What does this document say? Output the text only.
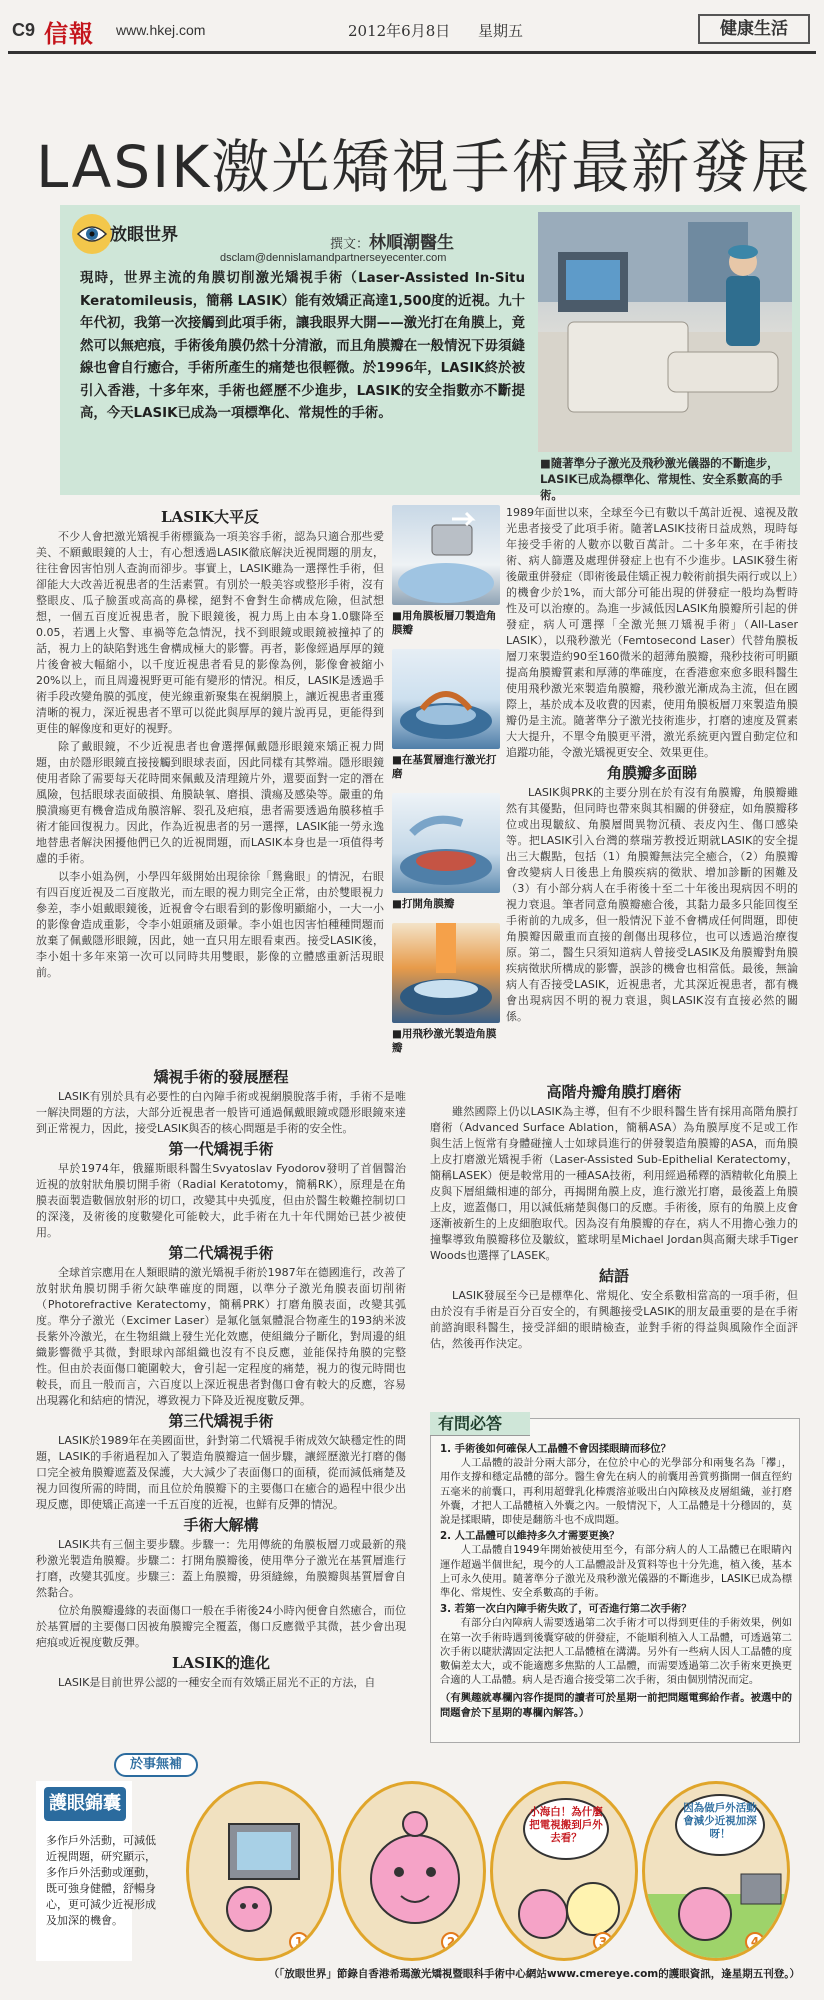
C9 信報 www.hkej.com	2012年6月8日 星期五	健康生活
LASIK激光矯視手術最新發展
放眼世界	撰文：林順潮醫生
dsclam@dennislamandpartnerseyecenter.com
現時，世界主流的角膜切削激光矯視手術（Laser-Assisted In-Situ Keratomileusis，簡稱 LASIK）能有效矯正高達1,500度的近視。九十年代初，我第一次接觸到此項手術，讓我眼界大開——激光打在角膜上，竟然可以無疤痕，手術後角膜仍然十分清澈，而且角膜瓣在一般情況下毋須縫線也會自行癒合，手術所產生的痛楚也很輕微。於1996年，LASIK終於被引入香港，十多年來，手術也經歷不少進步，LASIK的安全指數亦不斷提高，今天LASIK已成為一項標準化、常規性的手術。
■隨著準分子激光及飛秒激光儀器的不斷進步，LASIK已成為標準化、常規性、安全系數高的手術。
LASIK大平反

不少人會把激光矯視手術標籤為一項美容手術，認為只適合那些愛美、不願戴眼鏡的人士，有心想透過LASIK徹底解決近視問題的朋友，往往會因害怕別人查詢而卻步。事實上，LASIK雖為一選擇性手術，但卻能大大改善近視患者的生活素質。有別於一般美容或整形手術，沒有整眼皮、瓜子臉蛋或高高的鼻樑，絕對不會對生命構成危險，但試想想，一個五百度近視患者，脫下眼鏡後，視力馬上由本身1.0驟降至0.05，若遇上火警、車禍等危急情況，找不到眼鏡或眼鏡被撞掉了的話，視力上的缺陷對逃生會構成極大的影響。再者，影像經過厚厚的鏡片後會被大幅縮小，以千度近視患者看見的影像為例，影像會被縮小20%以上，而且周邊視野更可能有變形的情況。相反，LASIK是透過手術手段改變角膜的弧度，使光線重新聚集在視網膜上，讓近視患者重獲清晰的視力，深近視患者不單可以從此與厚厚的鏡片說再見，更能得到更佳的解像度和更好的視野。

除了戴眼鏡，不少近視患者也會選擇佩戴隱形眼鏡來矯正視力問題，由於隱形眼鏡直接接觸到眼球表面，因此同樣有其弊端。隱形眼鏡使用者除了需要每天花時間來佩戴及清理鏡片外，還要面對一定的潛在風險，包括眼球表面破損、角膜缺氧、磨損、潰瘍及感染等。嚴重的角膜潰瘍更有機會造成角膜溶解、裂孔及疤痕，患者需要透過角膜移植手術才能回復視力。因此，作為近視患者的另一選擇，LASIK能一勞永逸地替患者解決困擾他們已久的近視問題，而LASIK本身也是一項值得考慮的手術。

以李小姐為例，小學四年級開始出現徐徐「鴛鴦眼」的情況，右眼有四百度近視及二百度散光，而左眼的視力則完全正常，由於雙眼視力參差，李小姐戴眼鏡後，近視會令右眼看到的影像明顯縮小，一大一小的影像會造成重影，令李小姐頭痛及頭暈。李小姐也因害怕種種問題而放棄了佩戴隱形眼鏡，因此，她一直只用左眼看東西。接受LASIK後，李小姐十多年來第一次可以同時共用雙眼，影像的立體感重新活現眼前。

■用角膜板層刀製造角膜瓣
■在基質層進行激光打磨
■打開角膜瓣
■用飛秒激光製造角膜瓣

1989年面世以來，全球至今已有數以千萬計近視、遠視及散光患者接受了此項手術。隨著LASIK技術日益成熟，現時每年接受手術的人數亦以數百萬計。二十多年來，在手術技術、病人篩選及處理併發症上也有不少進步。LASIK發生術後嚴重併發症（即術後最佳矯正視力較術前損失兩行或以上）的機會少於1%，而大部分可能出現的併發症一般均為暫時性及可以治療的。為進一步減低因LASIK角膜瓣所引起的併發症，病人可選擇「全激光無刀矯視手術」（All-Laser LASIK），以飛秒激光（Femtosecond Laser）代替角膜板層刀來製造約90至160微米的超薄角膜瓣，飛秒技術可明顯提高角膜瓣質素和厚薄的準確度，在香港愈來愈多眼科醫生使用飛秒激光來製造角膜瓣，飛秒激光漸成為主流，但在國際上，基於成本及收費的因素，使用角膜板層刀來製造角膜瓣仍是主流。隨著準分子激光技術進步，打磨的速度及質素大大提升，不單令角膜更平滑，激光系統更內置自動定位和追蹤功能，令激光矯視更安全、效果更佳。

角膜瓣多面睇

LASIK與PRK的主要分別在於有沒有角膜瓣，角膜瓣雖然有其優點，但同時也帶來與其相關的併發症，如角膜瓣移位或出現皺紋、角膜層間異物沉積、表皮內生、傷口感染等。把LASIK引入台灣的蔡瑞芳教授近期就LASIK的安全提出三大觀點，包括（1）角膜瓣無法完全癒合，（2）角膜瓣會改變病人日後患上角膜疾病的徵狀、增加診斷的困難及（3）有小部分病人在手術後十至二十年後出現病因不明的視力衰退。筆者同意角膜瓣癒合後，其黏力最多只能回復至手術前的九成多，但一般情況下並不會構成任何問題，即使角膜瓣因嚴重而直接的創傷出現移位，也可以透過治療復原。第二，醫生只須知道病人曾接受LASIK及角膜瓣對角膜疾病徵狀所構成的影響，誤診的機會也相當低。最後，無論病人有否接受LASIK，近視患者，尤其深近視患者，都有機會出現病因不明的視力衰退，與LASIK沒有直接必然的關係。

矯視手術的發展歷程

LASIK有別於具有必要性的白內障手術或視網膜脫落手術，手術不是唯一解決問題的方法，大部分近視患者一般皆可通過佩戴眼鏡或隱形眼鏡來達到正常視力，因此，接受LASIK與否的核心問題是手術的安全性。

第一代矯視手術

早於1974年，俄羅斯眼科醫生Svyatoslav Fyodorov發明了首個醫治近視的放射狀角膜切開手術（Radial Keratotomy，簡稱RK），原理是在角膜表面製造數個放射形的切口，改變其中央弧度，但由於醫生較難控制切口的深淺，及術後的度數變化可能較大，此手術在九十年代開始已甚少被使用。

第二代矯視手術

全球首宗應用在人類眼睛的激光矯視手術於1987年在德國進行，改善了放射狀角膜切開手術欠缺準確度的問題，以準分子激光角膜表面切削術（Photorefractive Keratectomy，簡稱PRK）打磨角膜表面，改變其弧度。準分子激光（Excimer Laser）是氟化氬氣體混合物產生的193納米波長紫外冷激光，在生物組織上發生光化效應，使組織分子斷化，對周邊的組織影響微乎其微，對眼球內部組織也沒有不良反應，並能保持角膜的完整性。但由於表面傷口範圍較大，會引起一定程度的痛楚，視力的復元時間也較長，而且一般而言，六百度以上深近視患者對傷口會有較大的反應，容易出現霧化和結疤的情況，導致視力下降及近視度數反彈。

第三代矯視手術

LASIK於1989年在美國面世，針對第二代矯視手術成效欠缺穩定性的問題，LASIK的手術過程加入了製造角膜瓣這一個步驟，讓經歷激光打磨的傷口完全被角膜瓣遮蓋及保護，大大減少了表面傷口的面積，從而減低痛楚及視力回復所需的時間，而且位於角膜瓣下的主要傷口在癒合的過程中很少出現反應，即使矯正高達一千五百度的近視，也鮮有反彈的情況。

手術大解構

LASIK共有三個主要步驟。步驟一：先用傳統的角膜板層刀或最新的飛秒激光製造角膜瓣。步驟二：打開角膜瓣後，使用準分子激光在基質層進行打磨，改變其弧度。步驟三：蓋上角膜瓣，毋須縫線，角膜瓣與基質層會自然黏合。

位於角膜瓣邊緣的表面傷口一般在手術後24小時內便會自然癒合，而位於基質層的主要傷口因被角膜瓣完全覆蓋，傷口反應微乎其微，甚少會出現疤痕或近視度數反彈。

LASIK的進化

LASIK是目前世界公認的一種安全而有效矯正屈光不正的方法，自

高階舟瓣角膜打磨術

雖然國際上仍以LASIK為主導，但有不少眼科醫生皆有採用高階角膜打磨術（Advanced Surface Ablation，簡稱ASA）為角膜厚度不足或工作與生活上恆常有身體碰撞人士如球員進行的併發製造角膜瓣的ASA，而角膜上皮打磨激光矯視手術（Laser-Assisted Sub-Epithelial Keratectomy，簡稱LASEK）便是較常用的一種ASA技術，利用經過稀釋的酒精軟化角膜上皮與下層組織相連的部分，再揭開角膜上皮，進行激光打磨，最後蓋上角膜上皮，遮蓋傷口，用以減低痛楚與傷口的反應。手術後，原有的角膜上皮會逐漸被新生的上皮細胞取代。因為沒有角膜瓣的存在，病人不用擔心強力的撞擊導致角膜瓣移位及皺紋，籃球明星Michael Jordan與高爾夫球手Tiger Woods也選擇了LASEK。

結語

LASIK發展至今已是標準化、常規化、安全系數相當高的一項手術，但由於沒有手術是百分百安全的，有興趣接受LASIK的朋友最重要的是在手術前諮詢眼科醫生，接受詳細的眼睛檢查，並對手術的得益與風險作全面評估，然後再作決定。

有問必答
1. 手術後如何確保人工晶體不會因揉眼睛而移位？
人工晶體的設計分兩大部分，在位於中心的光學部分和兩隻名為「襻」，用作支撐和穩定晶體的部分。醫生會先在病人的前囊用善賞剪撕開一個直徑約五毫米的前囊口，再利用超聲乳化棒震溶並吸出白內障核及皮層組織，並打磨外囊，才把人工晶體植入外囊之內。一般情況下，人工晶體是十分穩固的，莫說是揉眼睛，即使是翻筋斗也不成問題。
2. 人工晶體可以維持多久才需要更換？
人工晶體自1949年開始被使用至今，有部分病人的人工晶體已在眼睛內運作超過半個世紀，現今的人工晶體設計及質料等也十分先進，植入後，基本上可永久使用。隨著準分子激光及飛秒激光儀器的不斷進步，LASIK已成為標準化、常規性、安全系數高的手術。
3. 若第一次白內障手術失敗了，可否進行第二次手術？
有部分白內障病人需要透過第二次手術才可以得到更佳的手術效果，例如在第一次手術時遇到後囊穿破的併發症，不能順利植入人工晶體，可透過第二次手術以睫狀溝固定法把人工晶體植在溝溝。另外有一些病人因人工晶體的度數偏差太大，或不能適應多焦點的人工晶體，而需要透過第二次手術來更換更合適的人工晶體。病人是否適合接受第二次手術，須由個別情況而定。
（有興趣就專欄內容作提問的讀者可於星期一前把問題電郵給作者。被選中的問題會於下星期的專欄內解答。）
於事無補
護眼錦囊
多作戶外活動，可減低近視問題，研究顯示，多作戶外活動或運動，既可強身健體，舒暢身心，更可減少近視形成及加深的機會。
1	2
小海白！為什麼把電視搬到戶外去看？
3
因為做戶外活動會減少近視加深呀！
4
（「放眼世界」節錄自香港希瑪激光矯視暨眼科手術中心網站www.cmereye.com的護眼資訊，逢星期五刊登。）
